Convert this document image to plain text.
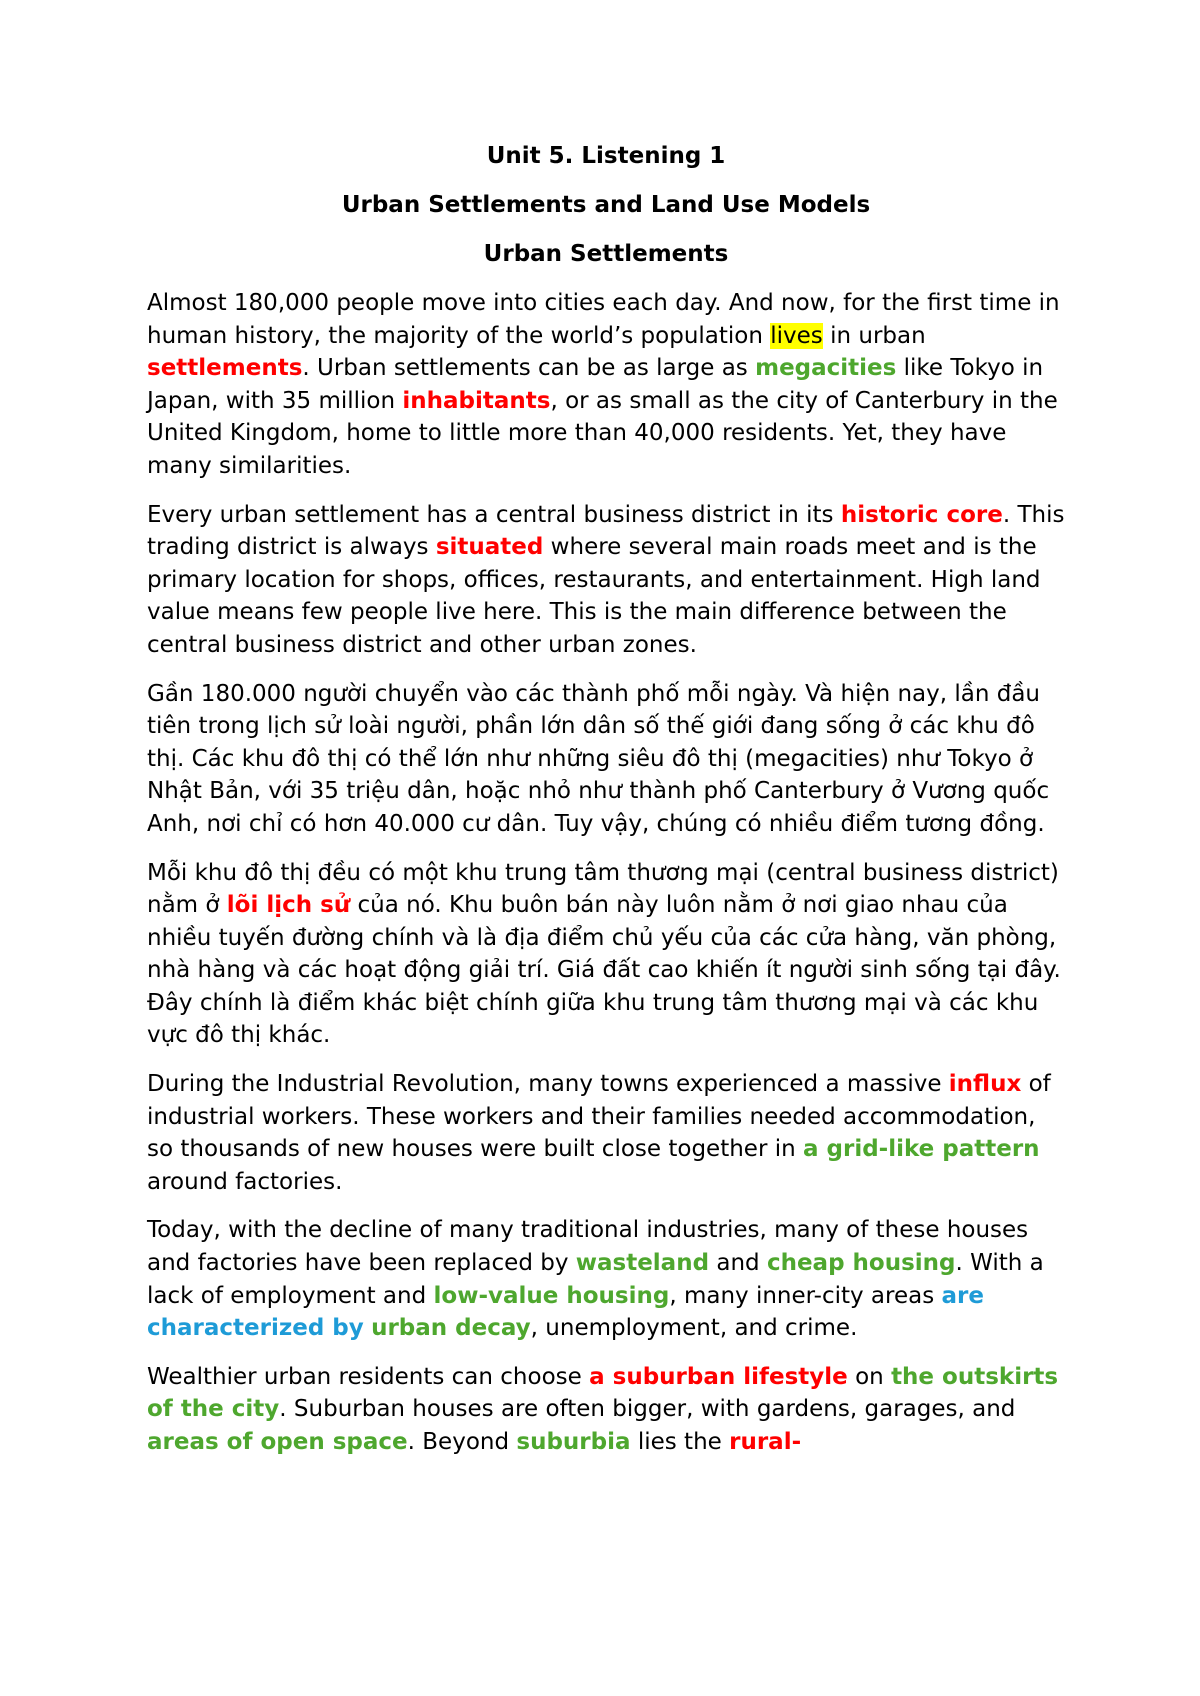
Unit 5. Listening 1
Urban Settlements and Land Use Models
Urban Settlements

Almost 180,000 people move into cities each day. And now, for the first time in human history, the majority of the world’s population lives in urban settlements. Urban settlements can be as large as megacities like Tokyo in Japan, with 35 million inhabitants, or as small as the city of Canterbury in the United Kingdom, home to little more than 40,000 residents. Yet, they have many similarities.

Every urban settlement has a central business district in its historic core. This trading district is always situated where several main roads meet and is the primary location for shops, offices, restaurants, and entertainment. High land value means few people live here. This is the main difference between the central business district and other urban zones.

Gần 180.000 người chuyển vào các thành phố mỗi ngày. Và hiện nay, lần đầu tiên trong lịch sử loài người, phần lớn dân số thế giới đang sống ở các khu đô thị. Các khu đô thị có thể lớn như những siêu đô thị (megacities) như Tokyo ở Nhật Bản, với 35 triệu dân, hoặc nhỏ như thành phố Canterbury ở Vương quốc Anh, nơi chỉ có hơn 40.000 cư dân. Tuy vậy, chúng có nhiều điểm tương đồng.

Mỗi khu đô thị đều có một khu trung tâm thương mại (central business district) nằm ở lõi lịch sử của nó. Khu buôn bán này luôn nằm ở nơi giao nhau của nhiều tuyến đường chính và là địa điểm chủ yếu của các cửa hàng, văn phòng, nhà hàng và các hoạt động giải trí. Giá đất cao khiến ít người sinh sống tại đây. Đây chính là điểm khác biệt chính giữa khu trung tâm thương mại và các khu vực đô thị khác.

During the Industrial Revolution, many towns experienced a massive influx of industrial workers. These workers and their families needed accommodation, so thousands of new houses were built close together in a grid-like pattern around factories.

Today, with the decline of many traditional industries, many of these houses and factories have been replaced by wasteland and cheap housing. With a lack of employment and low-value housing, many inner-city areas are characterized by urban decay, unemployment, and crime.

Wealthier urban residents can choose a suburban lifestyle on the outskirts of the city. Suburban houses are often bigger, with gardens, garages, and areas of open space. Beyond suburbia lies the rural-
